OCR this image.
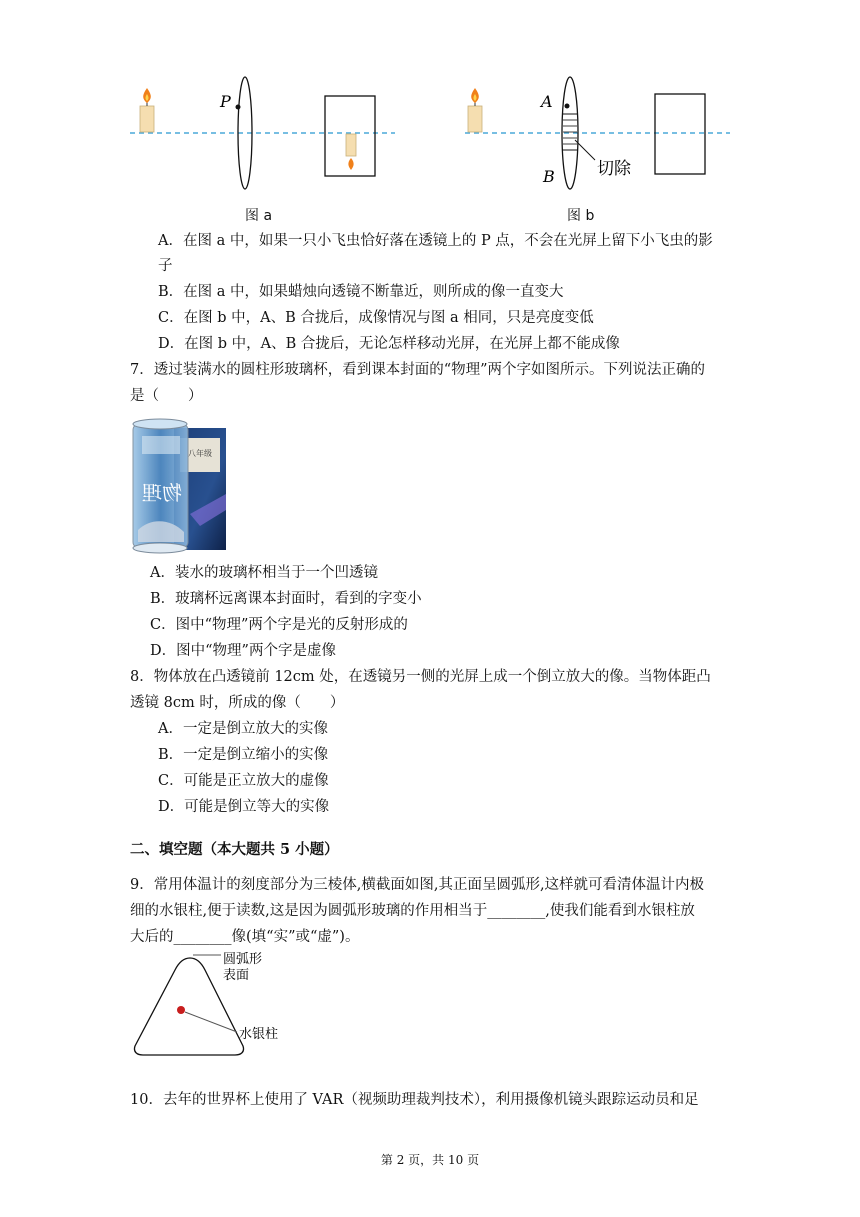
P
图 a
A
B 切除
图 b
A．在图 a 中，如果一只小飞虫恰好落在透镜上的 P 点，不会在光屏上留下小飞虫的影
子
B．在图 a 中，如果蜡烛向透镜不断靠近，则所成的像一直变大
C．在图 b 中，A、B 合拢后，成像情况与图 a 相同，只是亮度变低
D．在图 b 中，A、B 合拢后，无论怎样移动光屏，在光屏上都不能成像
7．透过装满水的圆柱形玻璃杯，看到课本封面的“物理”两个字如图所示。下列说法正确的
是（　　）
八年级
物理
A．装水的玻璃杯相当于一个凹透镜
B．玻璃杯远离课本封面时，看到的字变小
C．图中“物理”两个字是光的反射形成的
D．图中“物理”两个字是虚像
8．物体放在凸透镜前 12cm 处，在透镜另一侧的光屏上成一个倒立放大的像。当物体距凸
透镜 8cm 时，所成的像（　　）
A．一定是倒立放大的实像
B．一定是倒立缩小的实像
C．可能是正立放大的虚像
D．可能是倒立等大的实像
二、填空题（本大题共 5 小题）
9．常用体温计的刻度部分为三棱体,横截面如图,其正面呈圆弧形,这样就可看清体温计内极
细的水银柱,便于读数,这是因为圆弧形玻璃的作用相当于________,使我们能看到水银柱放
大后的________像(填“实”或“虚”)。
圆弧形
表面
水银柱
10．去年的世界杯上使用了 VAR（视频助理裁判技术），利用摄像机镜头跟踪运动员和足
第 2 页，共 10 页
